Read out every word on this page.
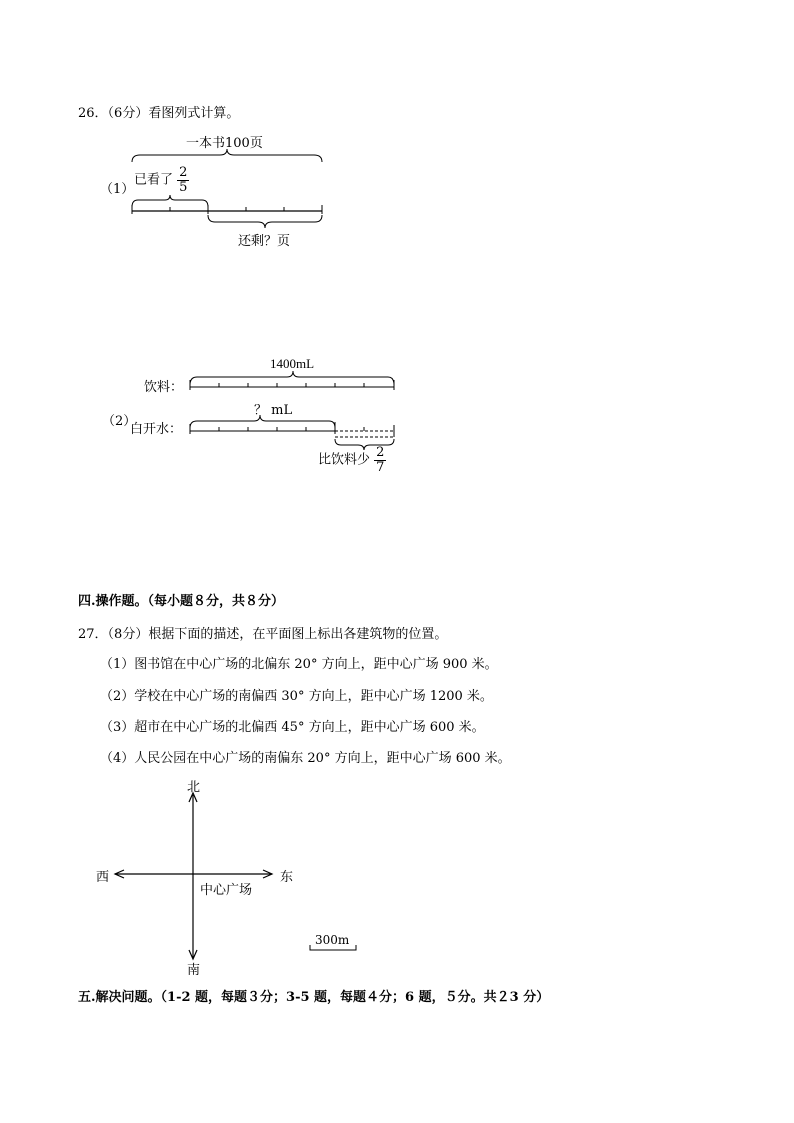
26．（6分）看图列式计算。
（1）
一本书100页
已看了 $\frac{2}{5}$
还剩？页
1400mL
饮料：
（2）
？ mL
白开水：
比饮料少 $\frac{2}{7}$
四.操作题。（每小题８分，共８分）
27．（8分）根据下面的描述，在平面图上标出各建筑物的位置。
（1）图书馆在中心广场的北偏东 20° 方向上，距中心广场 900 米。
（2）学校在中心广场的南偏西 30° 方向上，距中心广场 1200 米。
（3）超市在中心广场的北偏西 45° 方向上，距中心广场 600 米。
（4）人民公园在中心广场的南偏东 20° 方向上，距中心广场 600 米。
北
南
西	东
中心广场
300m
五.解决问题。（1-2 题，每题３分；3-5 题，每题４分；6 题，５分。共２3 分）
